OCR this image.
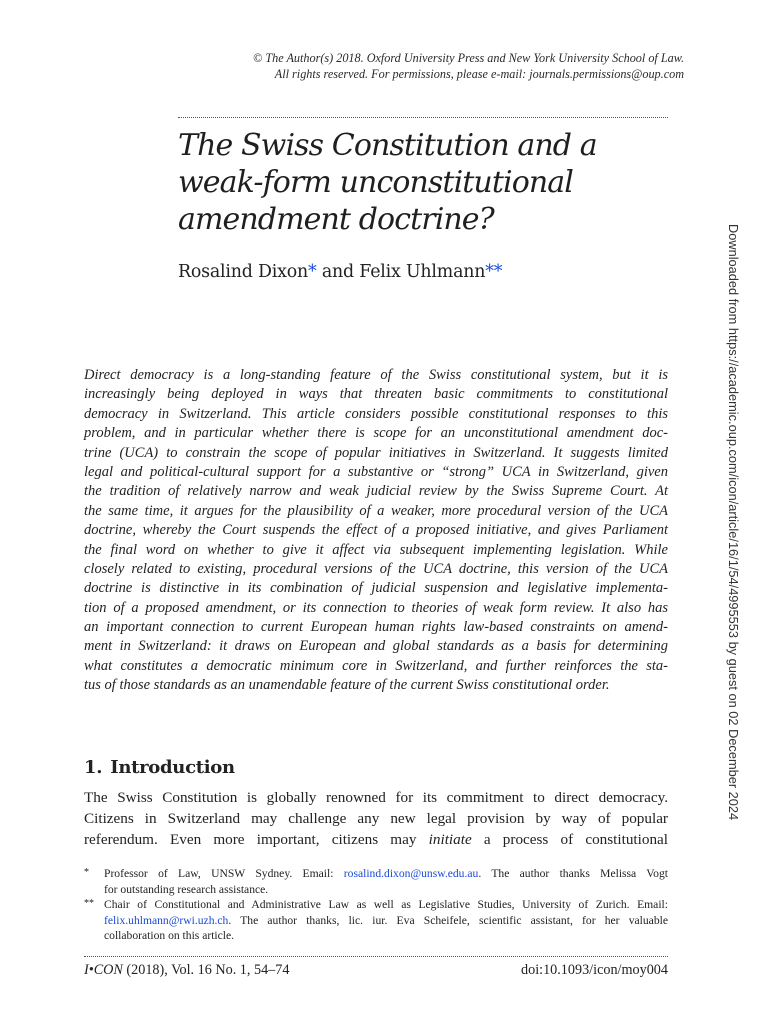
© The Author(s) 2018. Oxford University Press and New York University School of Law.
All rights reserved. For permissions, please e-mail: journals.permissions@oup.com
The Swiss Constitution and a
weak-form unconstitutional
amendment doctrine?
Rosalind Dixon* and Felix Uhlmann**	Downloaded from https://academic.oup.com/icon/article/16/1/54/4995553 by guest on 02 December 2024
Direct democracy is a long-standing feature of the Swiss constitutional system, but it is
increasingly being deployed in ways that threaten basic commitments to constitutional
democracy in Switzerland. This article considers possible constitutional responses to this
problem, and in particular whether there is scope for an unconstitutional amendment doc-
trine (UCA) to constrain the scope of popular initiatives in Switzerland. It suggests limited
legal and political-cultural support for a substantive or “strong” UCA in Switzerland, given
the tradition of relatively narrow and weak judicial review by the Swiss Supreme Court. At
the same time, it argues for the plausibility of a weaker, more procedural version of the UCA
doctrine, whereby the Court suspends the effect of a proposed initiative, and gives Parliament
the final word on whether to give it affect via subsequent implementing legislation. While
closely related to existing, procedural versions of the UCA doctrine, this version of the UCA
doctrine is distinctive in its combination of judicial suspension and legislative implementa-
tion of a proposed amendment, or its connection to theories of weak form review. It also has
an important connection to current European human rights law-based constraints on amend-
ment in Switzerland: it draws on European and global standards as a basis for determining
what constitutes a democratic minimum core in Switzerland, and further reinforces the sta-
tus of those standards as an unamendable feature of the current Swiss constitutional order.
1. Introduction
The Swiss Constitution is globally renowned for its commitment to direct democracy.
Citizens in Switzerland may challenge any new legal provision by way of popular
referendum. Even more important, citizens may initiate a process of constitutional
* Professor of Law, UNSW Sydney. Email: rosalind.dixon@unsw.edu.au. The author thanks Melissa Vogt
for outstanding research assistance.
** Chair of Constitutional and Administrative Law as well as Legislative Studies, University of Zurich. Email:
felix.uhlmann@rwi.uzh.ch. The author thanks, lic. iur. Eva Scheifele, scientific assistant, for her valuable
collaboration on this article.
I•CON (2018), Vol. 16 No. 1, 54–74	doi:10.1093/icon/moy004
